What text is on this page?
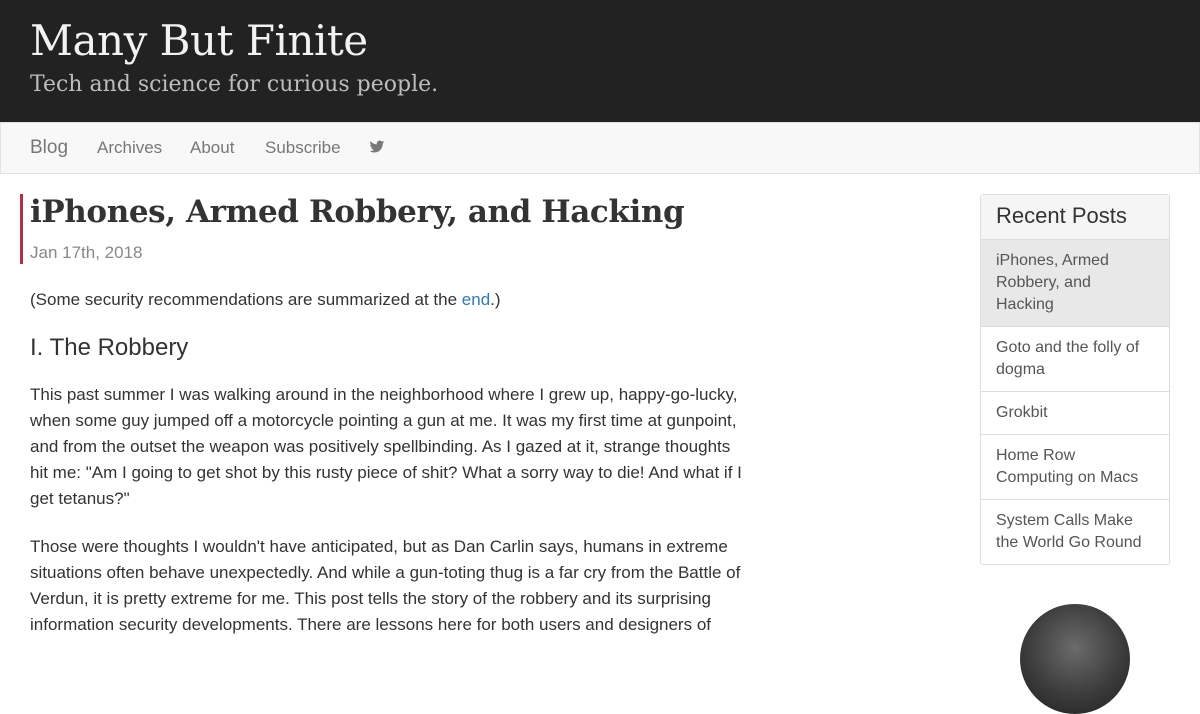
Many But Finite
Tech and science for curious people.
Blog Archives About Subscribe
iPhones, Armed Robbery, and Hacking
Jan 17th, 2018
(Some security recommendations are summarized at the end.)
I. The Robbery
This past summer I was walking around in the neighborhood where I grew up, happy-go-lucky,
when some guy jumped off a motorcycle pointing a gun at me. It was my first time at gunpoint,
and from the outset the weapon was positively spellbinding. As I gazed at it, strange thoughts
hit me: "Am I going to get shot by this rusty piece of shit? What a sorry way to die! And what if I
get tetanus?"
Those were thoughts I wouldn't have anticipated, but as Dan Carlin says, humans in extreme
situations often behave unexpectedly. And while a gun-toting thug is a far cry from the Battle of
Verdun, it is pretty extreme for me. This post tells the story of the robbery and its surprising
information security developments. There are lessons here for both users and designers of
Recent Posts
iPhones, Armed
Robbery, and
Hacking
Goto and the folly of
dogma
Grokbit
Home Row
Computing on Macs
System Calls Make
the World Go Round
